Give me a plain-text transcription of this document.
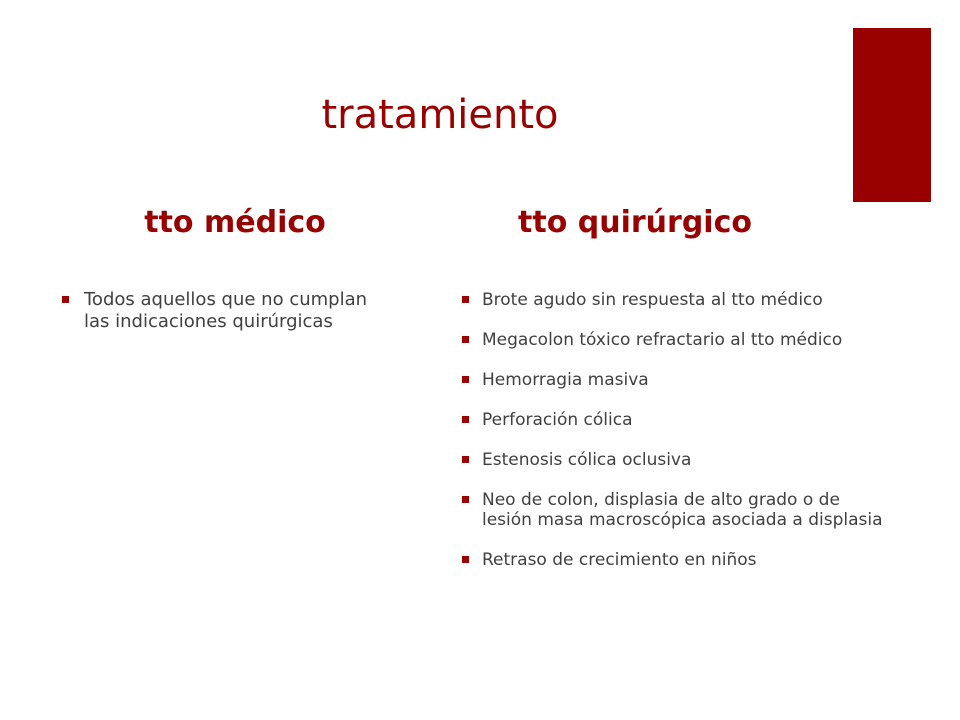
tratamiento
tto médico	tto quirúrgico
Todos aquellos que no cumplan las indicaciones quirúrgicas
Brote agudo sin respuesta al tto médico
Megacolon tóxico refractario al tto médico
Hemorragia masiva
Perforación cólica
Estenosis cólica oclusiva
Neo de colon, displasia de alto grado o de lesión masa macroscópica asociada a displasia
Retraso de crecimiento en niños
